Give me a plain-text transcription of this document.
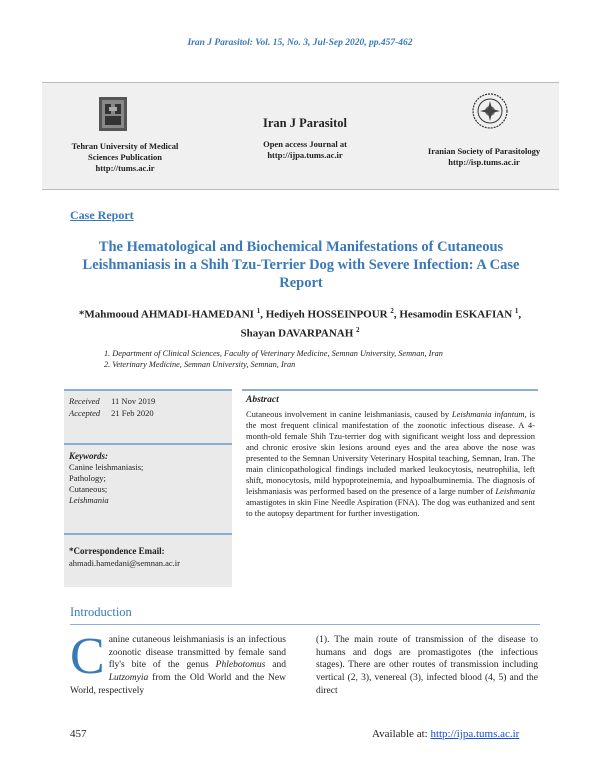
Iran J Parasitol: Vol. 15, No. 3, Jul-Sep 2020, pp.457-462
Tehran University of Medical
Sciences Publication
http://tums.ac.ir
Iran J Parasitol
Open access Journal at
http://ijpa.tums.ac.ir	Iranian Society of Parasitology
http://isp.tums.ac.ir
Case Report
The Hematological and Biochemical Manifestations of Cutaneous Leishmaniasis in a Shih Tzu-Terrier Dog with Severe Infection: A Case Report
*Mahmooud AHMADI-HAMEDANI $^1$, Hediyeh HOSSEINPOUR $^2$, Hesamodin ESKAFIAN $^1$, Shayan DAVARPANAH $^2$
1. Department of Clinical Sciences, Faculty of Veterinary Medicine, Semnan University, Semnan, Iran
2. Veterinary Medicine, Semnan University, Semnan, Iran
Received 11 Nov 2019
Accepted 21 Feb 2020
Keywords:
Canine leishmaniasis;
Pathology;
Cutaneous;
Leishmania
*Correspondence Email:
ahmadi.hamedani@semnan.ac.ir
Abstract
Cutaneous involvement in canine leishmaniasis, caused by Leishmania infantum, is the most frequent clinical manifestation of the zoonotic infectious disease. A 4-month-old female Shih Tzu-terrier dog with significant weight loss and depression and chronic erosive skin lesions around eyes and the area above the nose was presented to the Semnan University Veterinary Hospital teaching, Semnan, Iran. The main clinicopathological findings included marked leukocytosis, neutrophilia, left shift, monocytosis, mild hypoproteinemia, and hypoalbuminemia. The diagnosis of leishmaniasis was performed based on the presence of a large number of Leishmania amastigotes in skin Fine Needle Aspiration (FNA). The dog was euthanized and sent to the autopsy department for further investigation.
Introduction
Canine cutaneous leishmaniasis is an infectious zoonotic disease transmitted by female sand fly's bite of the genus Phlebotomus and Lutzomyia from the Old World and the New World, respectively
(1). The main route of transmission of the disease to humans and dogs are promastigotes (the infectious stages). There are other routes of transmission including vertical (2, 3), venereal (3), infected blood (4, 5) and the direct
457	Available at: http://ijpa.tums.ac.ir
